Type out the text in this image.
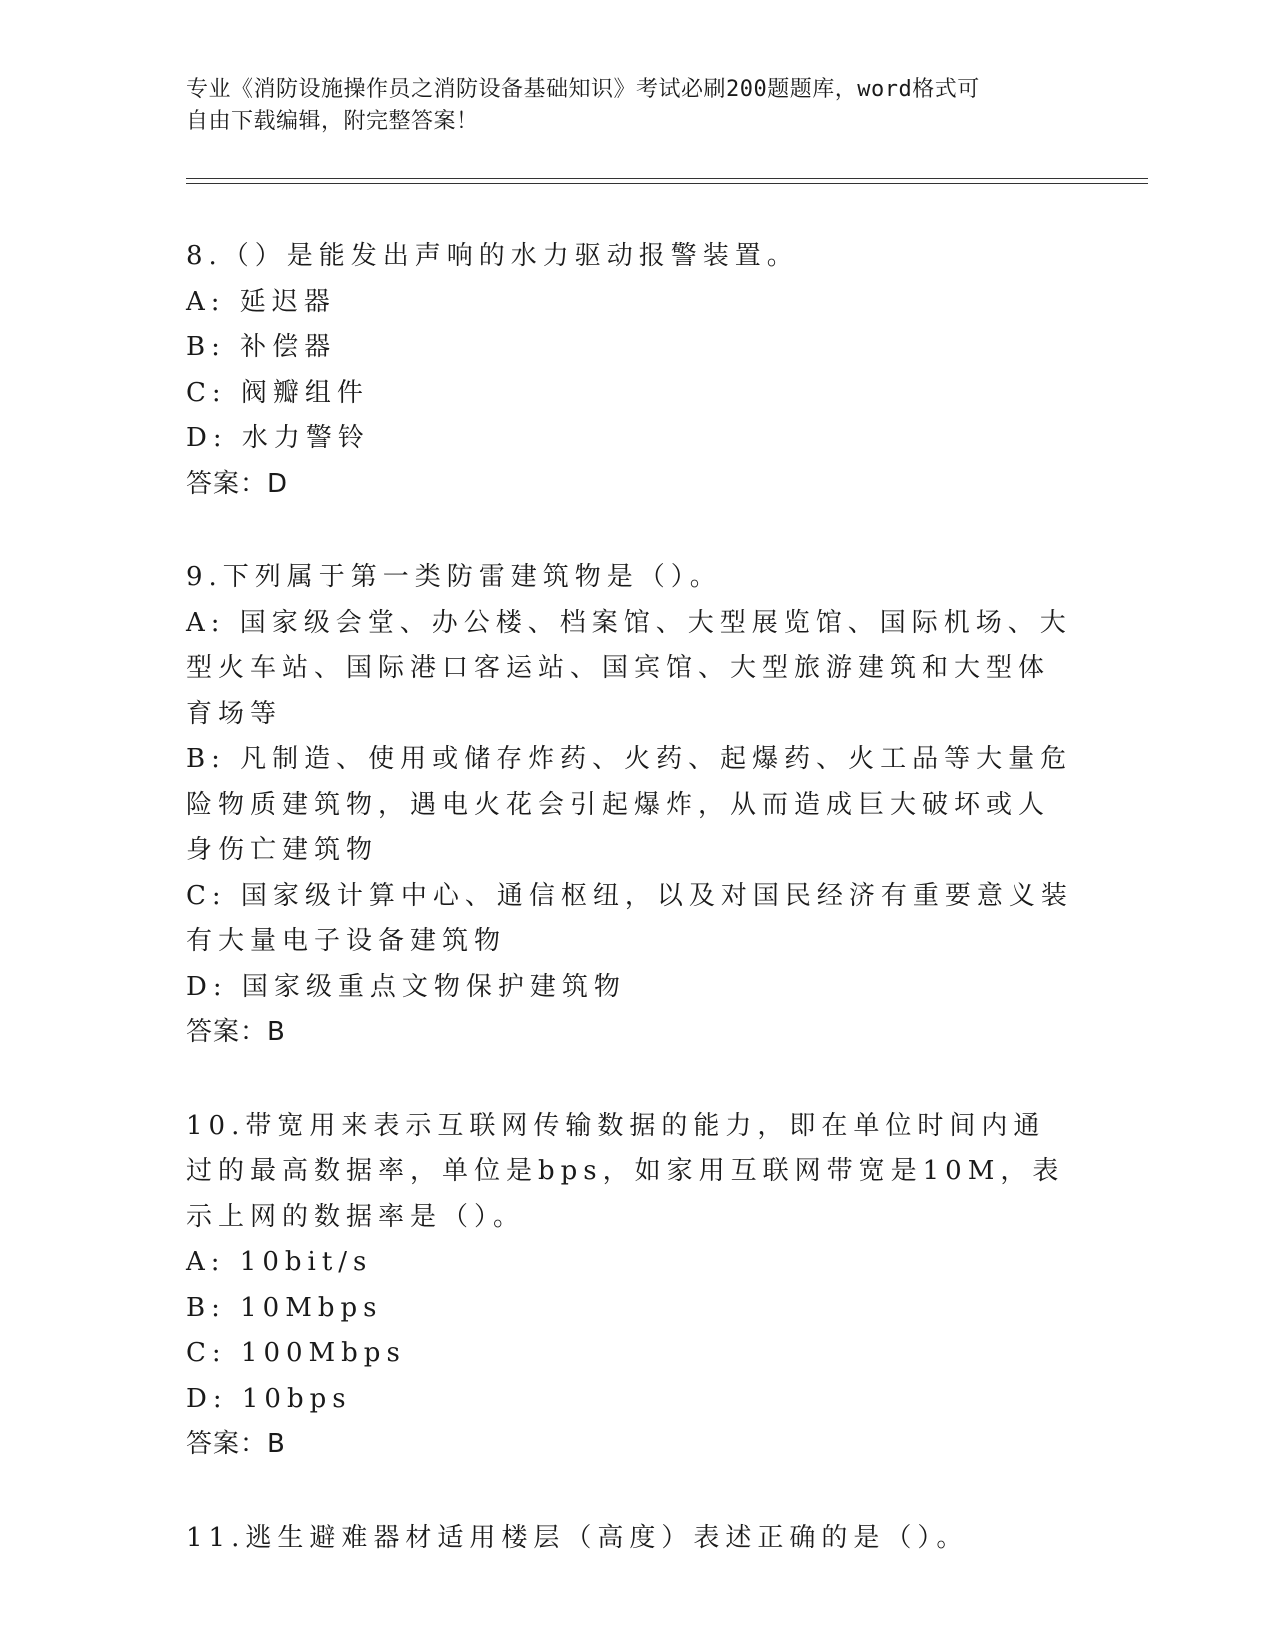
专业《消防设施操作员之消防设备基础知识》考试必刷200题题库，word格式可
自由下载编辑，附完整答案！
8.（）是能发出声响的水力驱动报警装置。
A: 延迟器
B: 补偿器
C: 阀瓣组件
D: 水力警铃
答案：D
9.下列属于第一类防雷建筑物是（）。
A: 国家级会堂、办公楼、档案馆、大型展览馆、国际机场、大型火车站、国际港口客运站、国宾馆、大型旅游建筑和大型体育场等
B: 凡制造、使用或储存炸药、火药、起爆药、火工品等大量危险物质建筑物，遇电火花会引起爆炸，从而造成巨大破坏或人身伤亡建筑物
C: 国家级计算中心、通信枢纽，以及对国民经济有重要意义装有大量电子设备建筑物
D: 国家级重点文物保护建筑物
答案：B
10.带宽用来表示互联网传输数据的能力，即在单位时间内通过的最高数据率，单位是bps，如家用互联网带宽是10M，表示上网的数据率是（）。
A: 10bit/s
B: 10Mbps
C: 100Mbps
D: 10bps
答案：B
11.逃生避难器材适用楼层（高度）表述正确的是（）。
